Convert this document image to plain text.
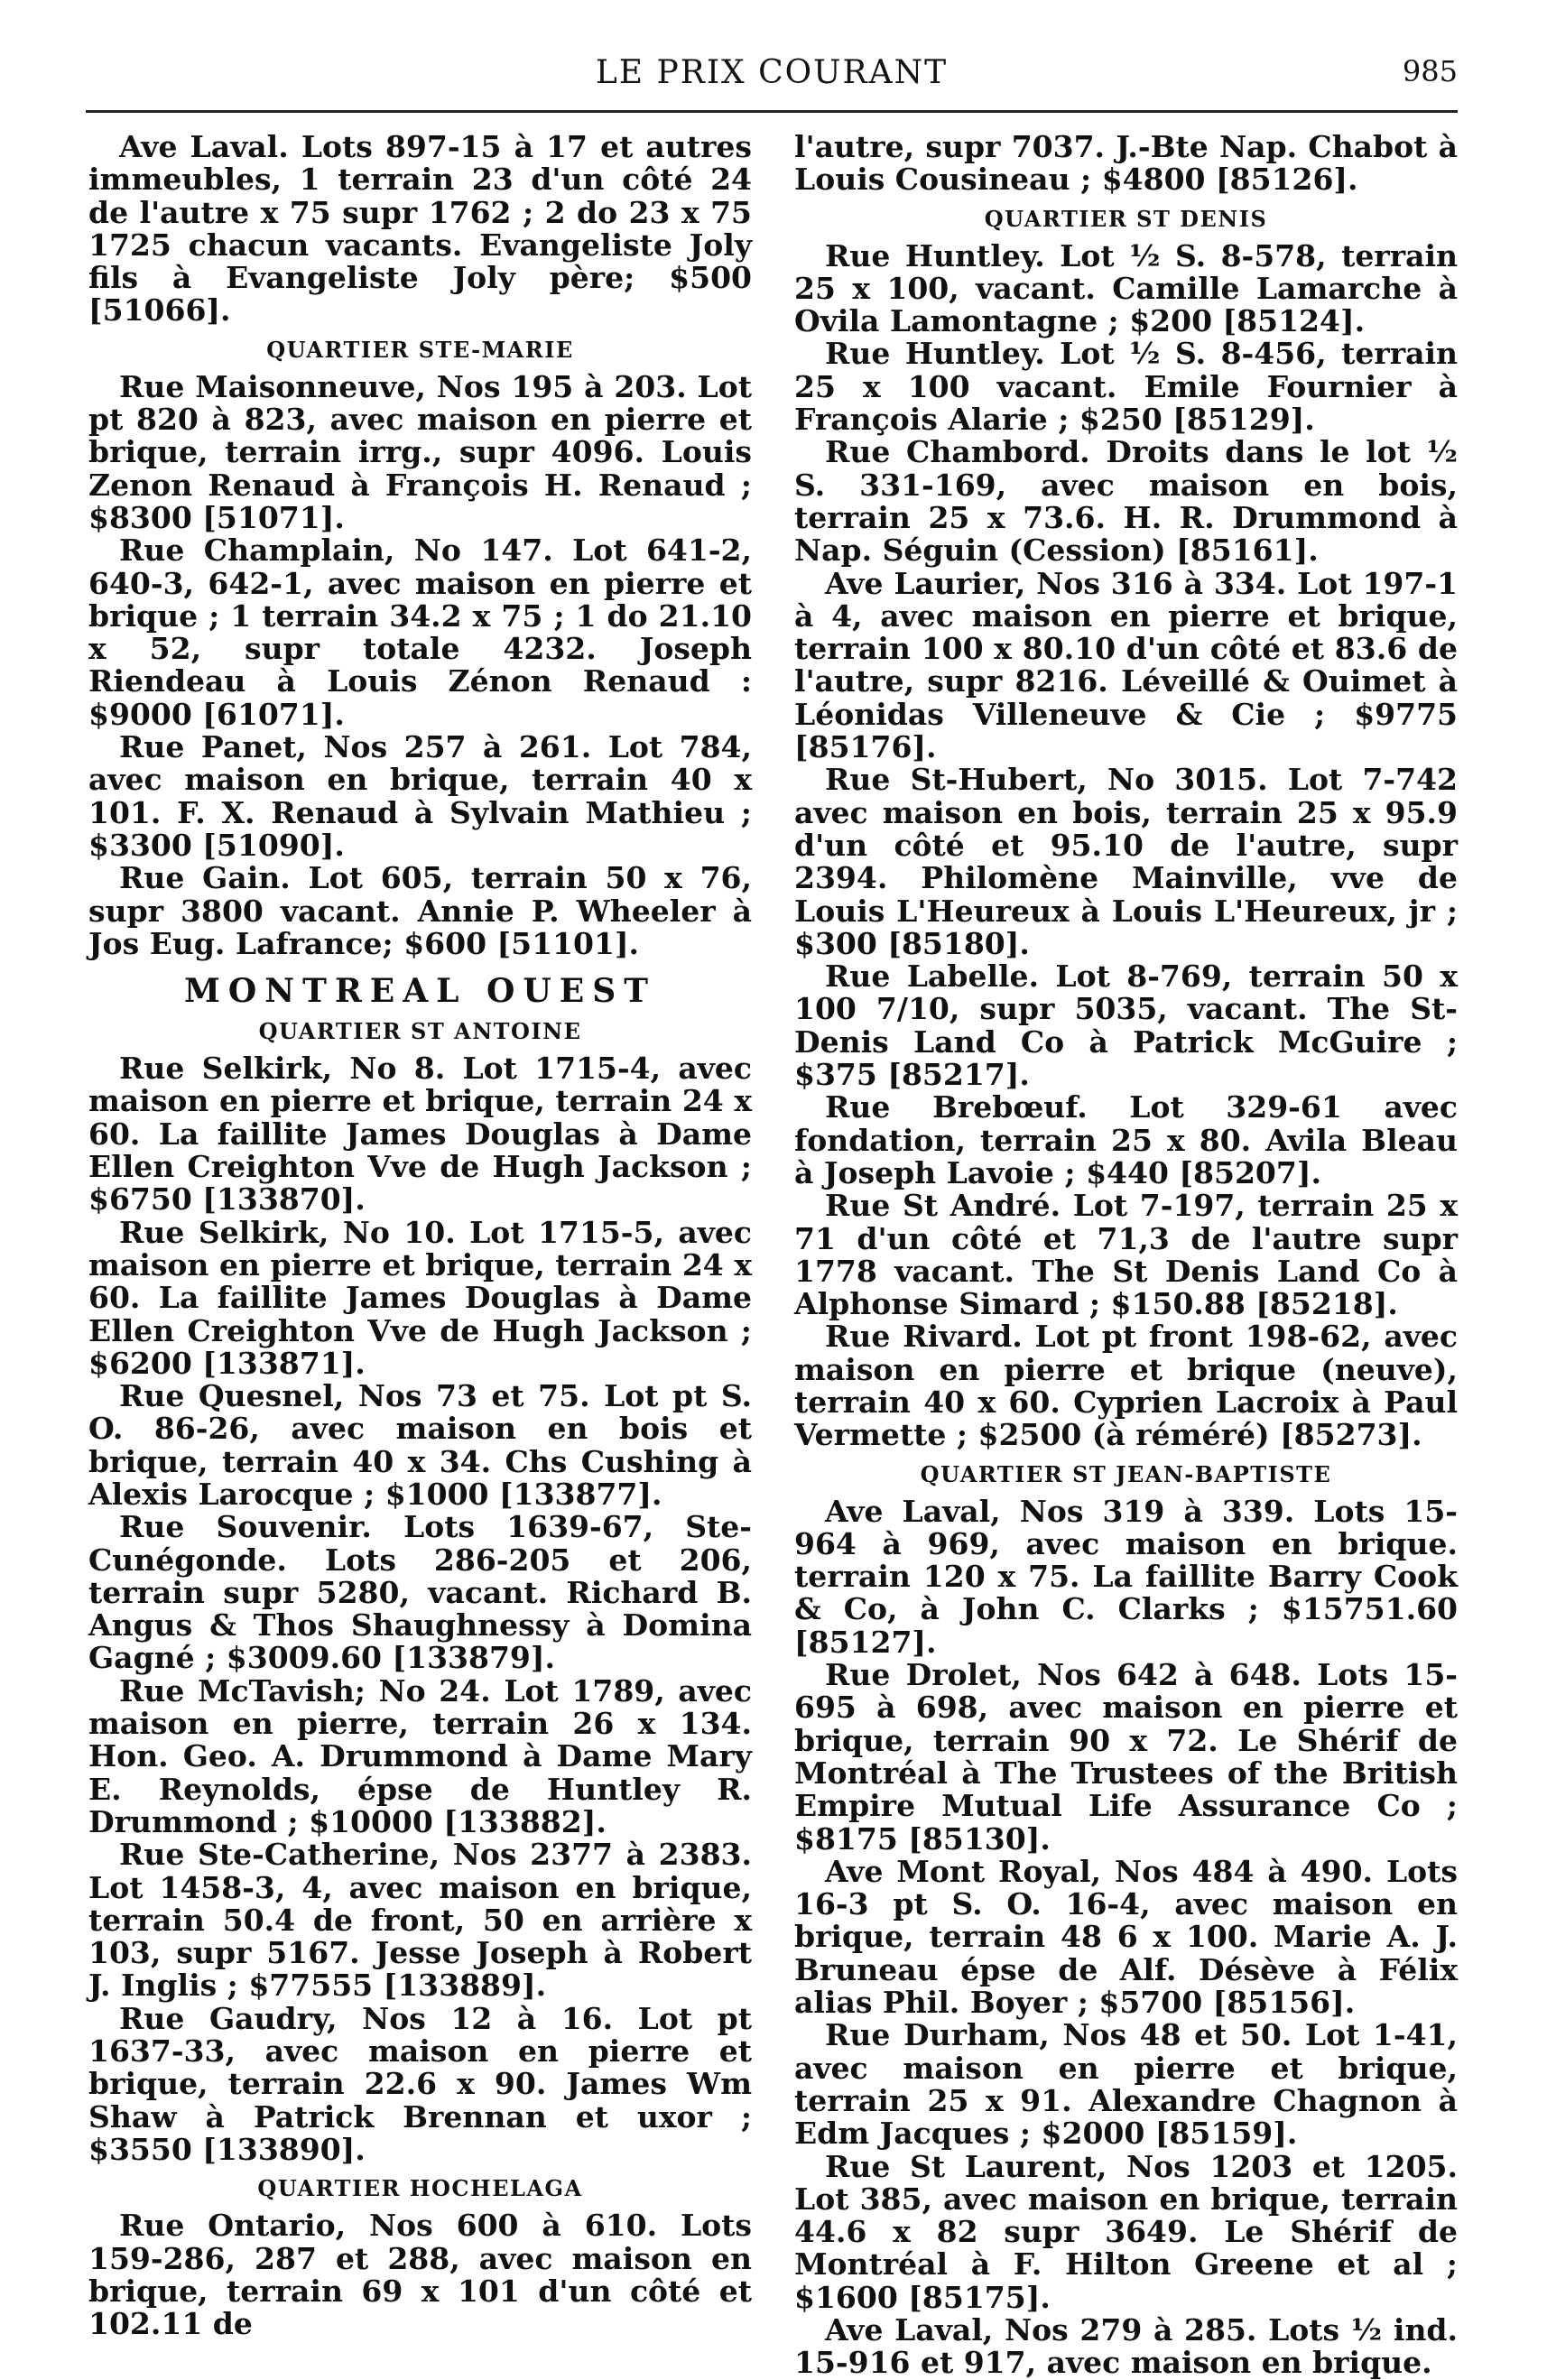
LE PRIX COURANT	985

Ave Laval. Lots 897-15 à 17 et autres immeubles, 1 terrain 23 d'un côté 24 de l'autre x 75 supr 1762 ; 2 do 23 x 75 1725 chacun vacants. Evangeliste Joly fils à Evangeliste Joly père; $500 [51066].

QUARTIER STE-MARIE

Rue Maisonneuve, Nos 195 à 203. Lot pt 820 à 823, avec maison en pierre et brique, terrain irrg., supr 4096. Louis Zenon Renaud à François H. Renaud ; $8300 [51071].

Rue Champlain, No 147. Lot 641-2, 640-3, 642-1, avec maison en pierre et brique ; 1 terrain 34.2 x 75 ; 1 do 21.10 x 52, supr totale 4232. Joseph Riendeau à Louis Zénon Renaud : $9000 [61071].

Rue Panet, Nos 257 à 261. Lot 784, avec maison en brique, terrain 40 x 101. F. X. Renaud à Sylvain Mathieu ; $3300 [51090].

Rue Gain. Lot 605, terrain 50 x 76, supr 3800 vacant. Annie P. Wheeler à Jos Eug. Lafrance; $600 [51101].

MONTREAL OUEST
QUARTIER ST ANTOINE

Rue Selkirk, No 8. Lot 1715-4, avec maison en pierre et brique, terrain 24 x 60. La faillite James Douglas à Dame Ellen Creighton Vve de Hugh Jackson ; $6750 [133870].

Rue Selkirk, No 10. Lot 1715-5, avec maison en pierre et brique, terrain 24 x 60. La faillite James Douglas à Dame Ellen Creighton Vve de Hugh Jackson ; $6200 [133871].

Rue Quesnel, Nos 73 et 75. Lot pt S. O. 86-26, avec maison en bois et brique, terrain 40 x 34. Chs Cushing à Alexis Larocque ; $1000 [133877].

Rue Souvenir. Lots 1639-67, Ste-Cunégonde. Lots 286-205 et 206, terrain supr 5280, vacant. Richard B. Angus & Thos Shaughnessy à Domina Gagné ; $3009.60 [133879].

Rue McTavish; No 24. Lot 1789, avec maison en pierre, terrain 26 x 134. Hon. Geo. A. Drummond à Dame Mary E. Reynolds, épse de Huntley R. Drummond ; $10000 [133882].

Rue Ste-Catherine, Nos 2377 à 2383. Lot 1458-3, 4, avec maison en brique, terrain 50.4 de front, 50 en arrière x 103, supr 5167. Jesse Joseph à Robert J. Inglis ; $77555 [133889].

Rue Gaudry, Nos 12 à 16. Lot pt 1637-33, avec maison en pierre et brique, terrain 22.6 x 90. James Wm Shaw à Patrick Brennan et uxor ; $3550 [133890].

QUARTIER HOCHELAGA

Rue Ontario, Nos 600 à 610. Lots 159-286, 287 et 288, avec maison en brique, terrain 69 x 101 d'un côté et 102.11 de

l'autre, supr 7037. J.-Bte Nap. Chabot à Louis Cousineau ; $4800 [85126].

QUARTIER ST DENIS

Rue Huntley. Lot ½ S. 8-578, terrain 25 x 100, vacant. Camille Lamarche à Ovila Lamontagne ; $200 [85124].

Rue Huntley. Lot ½ S. 8-456, terrain 25 x 100 vacant. Emile Fournier à François Alarie ; $250 [85129].

Rue Chambord. Droits dans le lot ½ S. 331-169, avec maison en bois, terrain 25 x 73.6. H. R. Drummond à Nap. Séguin (Cession) [85161].

Ave Laurier, Nos 316 à 334. Lot 197-1 à 4, avec maison en pierre et brique, terrain 100 x 80.10 d'un côté et 83.6 de l'autre, supr 8216. Léveillé & Ouimet à Léonidas Villeneuve & Cie ; $9775 [85176].

Rue St-Hubert, No 3015. Lot 7-742 avec maison en bois, terrain 25 x 95.9 d'un côté et 95.10 de l'autre, supr 2394. Philomène Mainville, vve de Louis L'Heureux à Louis L'Heureux, jr ; $300 [85180].

Rue Labelle. Lot 8-769, terrain 50 x 100 7/10, supr 5035, vacant. The St-Denis Land Co à Patrick McGuire ; $375 [85217].

Rue Brebœuf. Lot 329-61 avec fondation, terrain 25 x 80. Avila Bleau à Joseph Lavoie ; $440 [85207].

Rue St André. Lot 7-197, terrain 25 x 71 d'un côté et 71,3 de l'autre supr 1778 vacant. The St Denis Land Co à Alphonse Simard ; $150.88 [85218].

Rue Rivard. Lot pt front 198-62, avec maison en pierre et brique (neuve), terrain 40 x 60. Cyprien Lacroix à Paul Vermette ; $2500 (à réméré) [85273].

QUARTIER ST JEAN-BAPTISTE

Ave Laval, Nos 319 à 339. Lots 15-964 à 969, avec maison en brique. terrain 120 x 75. La faillite Barry Cook & Co, à John C. Clarks ; $15751.60 [85127].

Rue Drolet, Nos 642 à 648. Lots 15-695 à 698, avec maison en pierre et brique, terrain 90 x 72. Le Shérif de Montréal à The Trustees of the British Empire Mutual Life Assurance Co ; $8175 [85130].

Ave Mont Royal, Nos 484 à 490. Lots 16-3 pt S. O. 16-4, avec maison en brique, terrain 48 6 x 100. Marie A. J. Bruneau épse de Alf. Désève à Félix alias Phil. Boyer ; $5700 [85156].

Rue Durham, Nos 48 et 50. Lot 1-41, avec maison en pierre et brique, terrain 25 x 91. Alexandre Chagnon à Edm Jacques ; $2000 [85159].

Rue St Laurent, Nos 1203 et 1205. Lot 385, avec maison en brique, terrain 44.6 x 82 supr 3649. Le Shérif de Montréal à F. Hilton Greene et al ; $1600 [85175].

Ave Laval, Nos 279 à 285. Lots ½ ind. 15-916 et 917, avec maison en brique.
